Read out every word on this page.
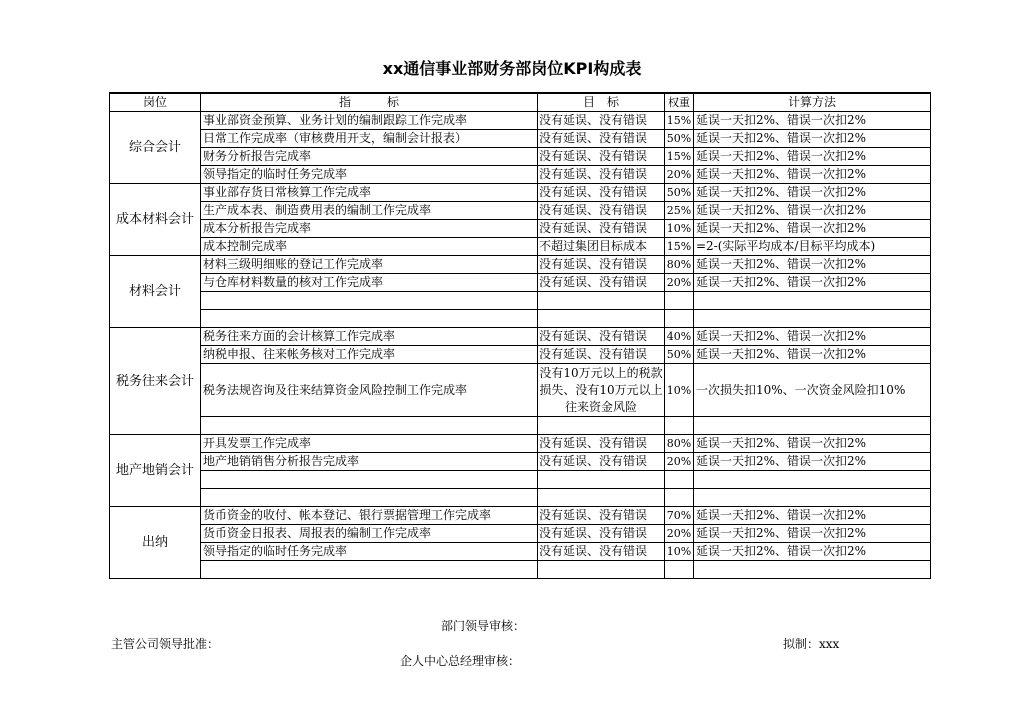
xx通信事业部财务部岗位KPI构成表
岗位	指　　　标	目　标	权重	计算方法
综合会计	事业部资金预算、业务计划的编制跟踪工作完成率	没有延误、没有错误	15%	延误一天扣2%、错误一次扣2%
	日常工作完成率（审核费用开支，编制会计报表）	没有延误、没有错误	50%	延误一天扣2%、错误一次扣2%
	财务分析报告完成率	没有延误、没有错误	15%	延误一天扣2%、错误一次扣2%
	领导指定的临时任务完成率	没有延误、没有错误	20%	延误一天扣2%、错误一次扣2%
成本材料会计	事业部存货日常核算工作完成率	没有延误、没有错误	50%	延误一天扣2%、错误一次扣2%
	生产成本表、制造费用表的编制工作完成率	没有延误、没有错误	25%	延误一天扣2%、错误一次扣2%
	成本分析报告完成率	没有延误、没有错误	10%	延误一天扣2%、错误一次扣2%
	成本控制完成率	不超过集团目标成本	15%	=2-(实际平均成本/目标平均成本)
材料会计	材料三级明细账的登记工作完成率	没有延误、没有错误	80%	延误一天扣2%、错误一次扣2%
	与仓库材料数量的核对工作完成率	没有延误、没有错误	20%	延误一天扣2%、错误一次扣2%

税务往来会计	税务往来方面的会计核算工作完成率	没有延误、没有错误	40%	延误一天扣2%、错误一次扣2%
	纳税申报、往来帐务核对工作完成率	没有延误、没有错误	50%	延误一天扣2%、错误一次扣2%
	税务法规咨询及往来结算资金风险控制工作完成率	没有10万元以上的税款损失、没有10万元以上往来资金风险	10%	一次损失扣10%、一次资金风险扣10%

地产地销会计	开具发票工作完成率	没有延误、没有错误	80%	延误一天扣2%、错误一次扣2%
	地产地销销售分析报告完成率	没有延误、没有错误	20%	延误一天扣2%、错误一次扣2%

出纳	货币资金的收付、帐本登记、银行票据管理工作完成率	没有延误、没有错误	70%	延误一天扣2%、错误一次扣2%
	货币资金日报表、周报表的编制工作完成率	没有延误、没有错误	20%	延误一天扣2%、错误一次扣2%
	领导指定的临时任务完成率	没有延误、没有错误	10%	延误一天扣2%、错误一次扣2%

部门领导审核：
主管公司领导批准：	拟制：xxx
企人中心总经理审核：
